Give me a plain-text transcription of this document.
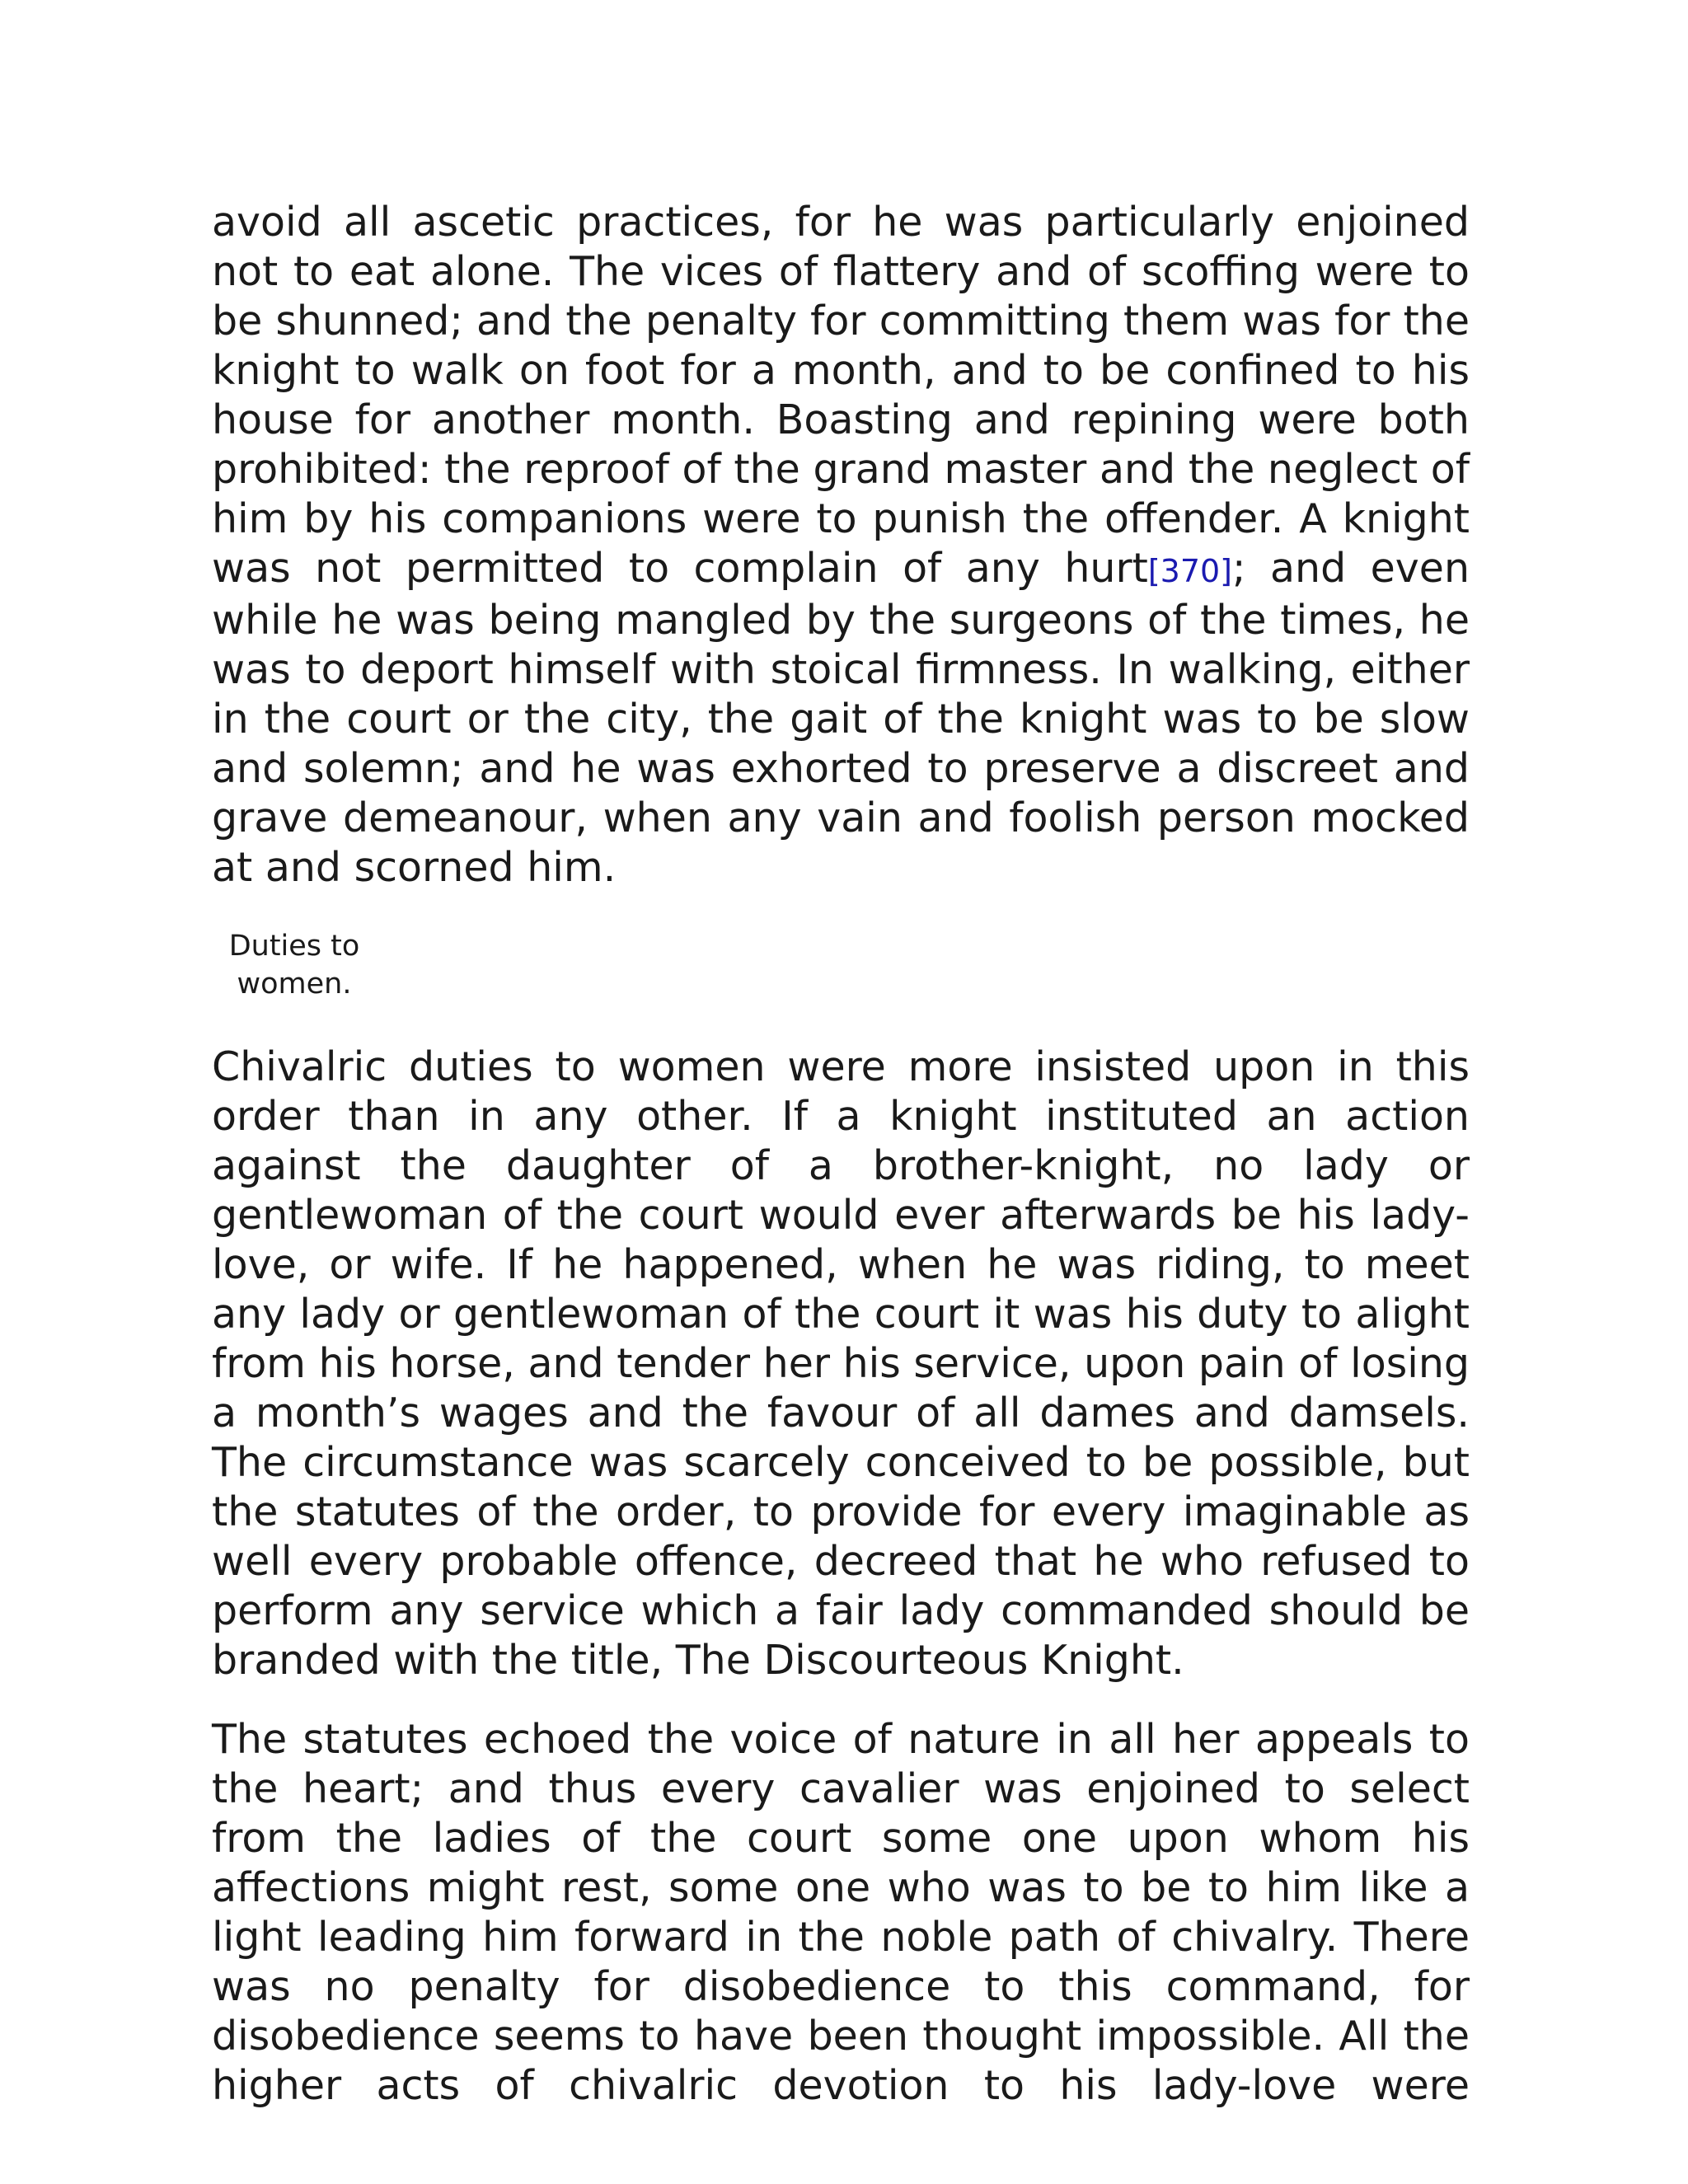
avoid all ascetic practices, for he was particularly enjoined not to eat alone. The vices of flattery and of scoffing were to be shunned; and the penalty for committing them was for the knight to walk on foot for a month, and to be confined to his house for another month. Boasting and repining were both prohibited: the reproof of the grand master and the neglect of him by his companions were to punish the offender. A knight was not permitted to complain of any hurt[370]; and even while he was being mangled by the surgeons of the times, he was to deport himself with stoical firmness. In walking, either in the court or the city, the gait of the knight was to be slow and solemn; and he was exhorted to preserve a discreet and grave demeanour, when any vain and foolish person mocked at and scorned him.

Duties to
women.

Chivalric duties to women were more insisted upon in this order than in any other. If a knight instituted an action against the daughter of a brother-knight, no lady or gentlewoman of the court would ever afterwards be his lady-love, or wife. If he happened, when he was riding, to meet any lady or gentlewoman of the court it was his duty to alight from his horse, and tender her his service, upon pain of losing a month’s wages and the favour of all dames and damsels. The circumstance was scarcely conceived to be possible, but the statutes of the order, to provide for every imaginable as well every probable offence, decreed that he who refused to perform any service which a fair lady commanded should be branded with the title, The Discourteous Knight.

The statutes echoed the voice of nature in all her appeals to the heart; and thus every cavalier was enjoined to select from the ladies of the court some one upon whom his affections might rest, some one who was to be to him like a light leading him forward in the noble path of chivalry. There was no penalty for disobedience to this command, for disobedience seems to have been thought impossible. All the higher acts of chivalric devotion to his lady-love were
